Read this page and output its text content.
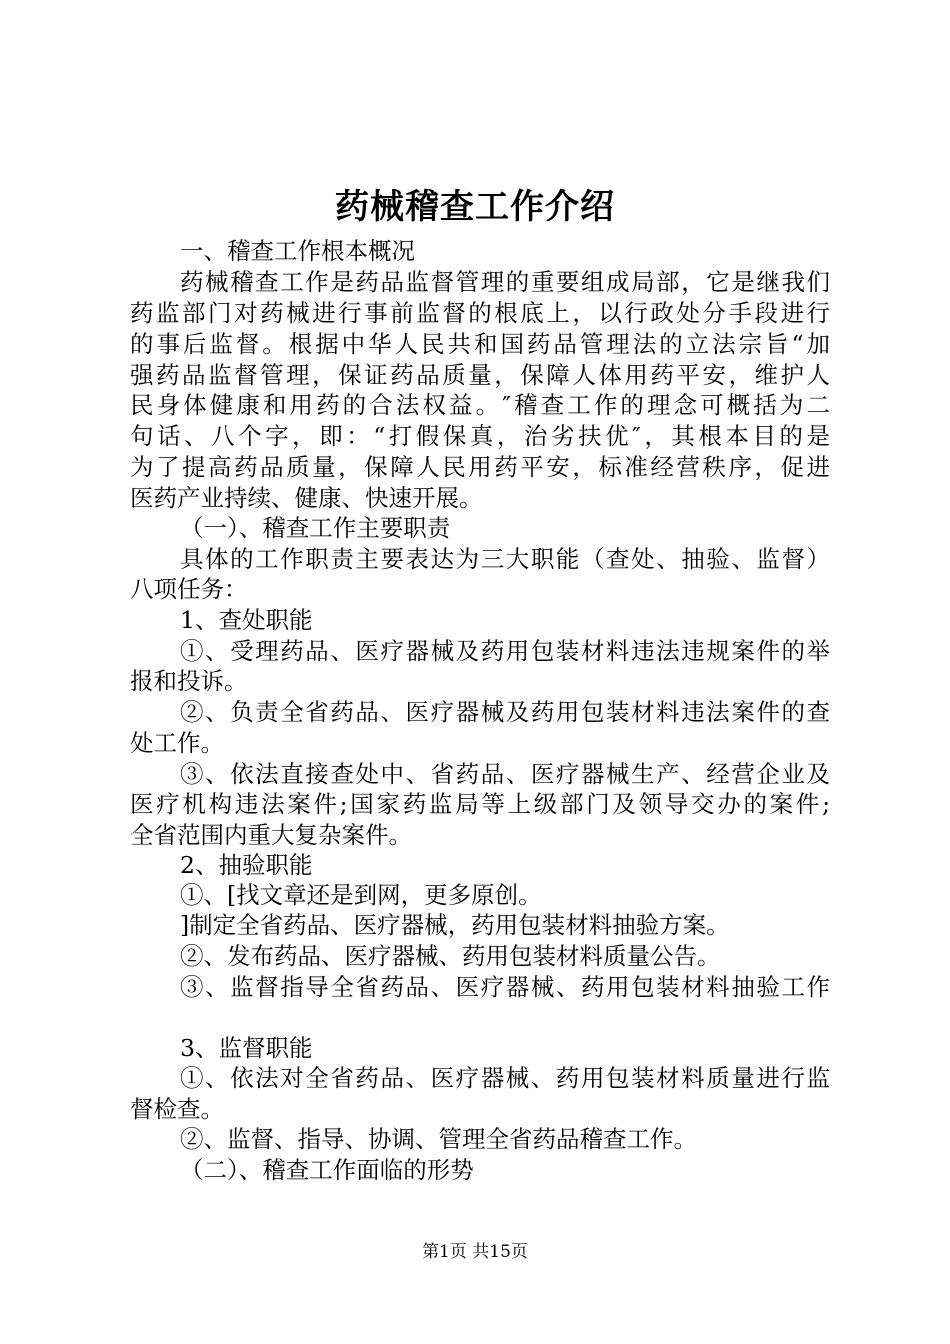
药械稽查工作介绍
一、稽查工作根本概况
药械稽查工作是药品监督管理的重要组成局部，它是继我们
药监部门对药械进行事前监督的根底上，以行政处分手段进行
的事后监督。根据中华人民共和国药品管理法的立法宗旨“加
强药品监督管理，保证药品质量，保障人体用药平安，维护人
民身体健康和用药的合法权益。″稽查工作的理念可概括为二
句话、八个字，即：“打假保真，治劣扶优″，其根本目的是
为了提高药品质量，保障人民用药平安，标准经营秩序，促进
医药产业持续、健康、快速开展。
（一）、稽查工作主要职责
具体的工作职责主要表达为三大职能（查处、抽验、监督）
八项任务：
1、查处职能
①、受理药品、医疗器械及药用包装材料违法违规案件的举
报和投诉。
②、负责全省药品、医疗器械及药用包装材料违法案件的查
处工作。
③、依法直接查处中、省药品、医疗器械生产、经营企业及
医疗机构违法案件;国家药监局等上级部门及领导交办的案件;
全省范围内重大复杂案件。
2、抽验职能
①、[找文章还是到网，更多原创。
]制定全省药品、医疗器械，药用包装材料抽验方案。
②、发布药品、医疗器械、药用包装材料质量公告。
③、监督指导全省药品、医疗器械、药用包装材料抽验工作
3、监督职能
①、依法对全省药品、医疗器械、药用包装材料质量进行监
督检查。
②、监督、指导、协调、管理全省药品稽查工作。
（二）、稽查工作面临的形势
第1页 共15页
